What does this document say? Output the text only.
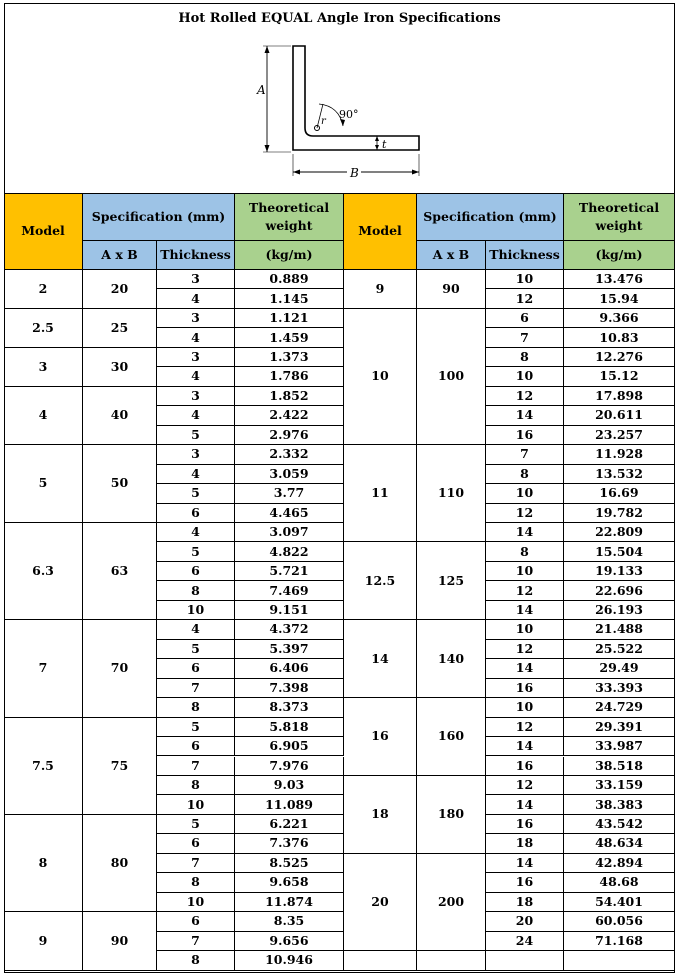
Hot Rolled EQUAL Angle Iron Specifications
A
B
t
90°
r
Model
Specification (mm)
A x B Thickness
Theoretical
weight
(kg/m)
Model
Specification (mm)
A x B Thickness
Theoretical
weight
(kg/m)
2	20
3	0.889
4	1.145
2.5	25
3	1.121
4	1.459
3	30
3	1.373
4	1.786
4	40
3	1.852
4	2.422
5	2.976
5	50
3	2.332
4	3.059
5	3.77
6	4.465
6.3	63
4	3.097
5	4.822
6	5.721
8	7.469
10	9.151
7	70
4	4.372
5	5.397
6	6.406
7	7.398
8	8.373
7.5	75
5	5.818
6	6.905
7	7.976
8	9.03
10	11.089
8	80
5	6.221
6	7.376
7	8.525
8	9.658
10	11.874
9	90
6	8.35
7	9.656
8	10.946
9	90
10	13.476
12	15.94
10	100
6	9.366
7	10.83
8	12.276
10	15.12
12	17.898
14	20.611
16	23.257
11	110
7	11.928
8	13.532
10	16.69
12	19.782
14	22.809
12.5	125
8	15.504
10	19.133
12	22.696
14	26.193
14	140
10	21.488
12	25.522
14	29.49
16	33.393
16	160
10	24.729
12	29.391
14	33.987
16	38.518
18	180
12	33.159
14	38.383
16	43.542
18	48.634
20	200
14	42.894
16	48.68
18	54.401
20	60.056
24	71.168
